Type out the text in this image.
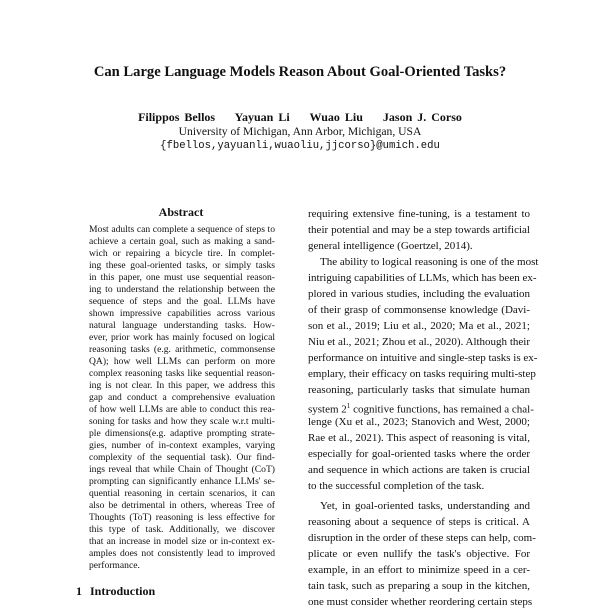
Can Large Language Models Reason About Goal-Oriented Tasks?
Filippos Bellos    Yayuan Li    Wuao Liu    Jason J. Corso
University of Michigan, Ann Arbor, Michigan, USA
{fbellos,yayuanli,wuaoliu,jjcorso}@umich.edu
Abstract
Most adults can complete a sequence of steps to
achieve a certain goal, such as making a sand-
wich or repairing a bicycle tire. In complet-
ing these goal-oriented tasks, or simply tasks
in this paper, one must use sequential reason-
ing to understand the relationship between the
sequence of steps and the goal. LLMs have
shown impressive capabilities across various
natural language understanding tasks. How-
ever, prior work has mainly focused on logical
reasoning tasks (e.g. arithmetic, commonsense
QA); how well LLMs can perform on more
complex reasoning tasks like sequential reason-
ing is not clear. In this paper, we address this
gap and conduct a comprehensive evaluation
of how well LLMs are able to conduct this rea-
soning for tasks and how they scale w.r.t multi-
ple dimensions(e.g. adaptive prompting strate-
gies, number of in-context examples, varying
complexity of the sequential task). Our find-
ings reveal that while Chain of Thought (CoT)
prompting can significantly enhance LLMs' se-
quential reasoning in certain scenarios, it can
also be detrimental in others, whereas Tree of
Thoughts (ToT) reasoning is less effective for
this type of task. Additionally, we discover
that an increase in model size or in-context ex-
amples does not consistently lead to improved
performance.
1 Introduction
requiring extensive fine-tuning, is a testament to
their potential and may be a step towards artificial
general intelligence (Goertzel, 2014).
The ability to logical reasoning is one of the most
intriguing capabilities of LLMs, which has been ex-
plored in various studies, including the evaluation
of their grasp of commonsense knowledge (Davi-
son et al., 2019; Liu et al., 2020; Ma et al., 2021;
Niu et al., 2021; Zhou et al., 2020). Although their
performance on intuitive and single-step tasks is ex-
emplary, their efficacy on tasks requiring multi-step
reasoning, particularly tasks that simulate human
system $2^1$ cognitive functions, has remained a chal-
lenge (Xu et al., 2023; Stanovich and West, 2000;
Rae et al., 2021). This aspect of reasoning is vital,
especially for goal-oriented tasks where the order
and sequence in which actions are taken is crucial
to the successful completion of the task.
Yet, in goal-oriented tasks, understanding and
reasoning about a sequence of steps is critical. A
disruption in the order of these steps can help, com-
plicate or even nullify the task's objective. For
example, in an effort to minimize speed in a cer-
tain task, such as preparing a soup in the kitchen,
one must consider whether reordering certain steps
